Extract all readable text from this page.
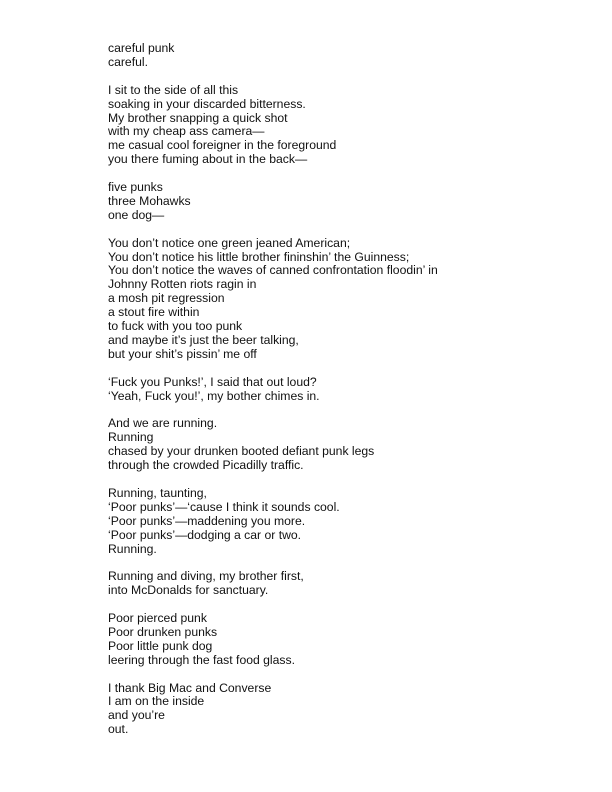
careful punk
careful.
I sit to the side of all this
soaking in your discarded bitterness.
My brother snapping a quick shot
with my cheap ass camera—
me casual cool foreigner in the foreground
you there fuming about in the back—
five punks
three Mohawks
one dog—
You don’t notice one green jeaned American;
You don’t notice his little brother fininshin’ the Guinness;
You don’t notice the waves of canned confrontation floodin’ in
Johnny Rotten riots ragin in
a mosh pit regression
a stout fire within
to fuck with you too punk
and maybe it’s just the beer talking,
but your shit’s pissin’ me off
‘Fuck you Punks!’, I said that out loud?
‘Yeah, Fuck you!’, my bother chimes in.
And we are running.
Running
chased by your drunken booted defiant punk legs
through the crowded Picadilly traffic.
Running, taunting,
‘Poor punks’—‘cause I think it sounds cool.
‘Poor punks’—maddening you more.
‘Poor punks’—dodging a car or two.
Running.
Running and diving, my brother first,
into McDonalds for sanctuary.
Poor pierced punk
Poor drunken punks
Poor little punk dog
leering through the fast food glass.
I thank Big Mac and Converse
I am on the inside
and you’re
out.
